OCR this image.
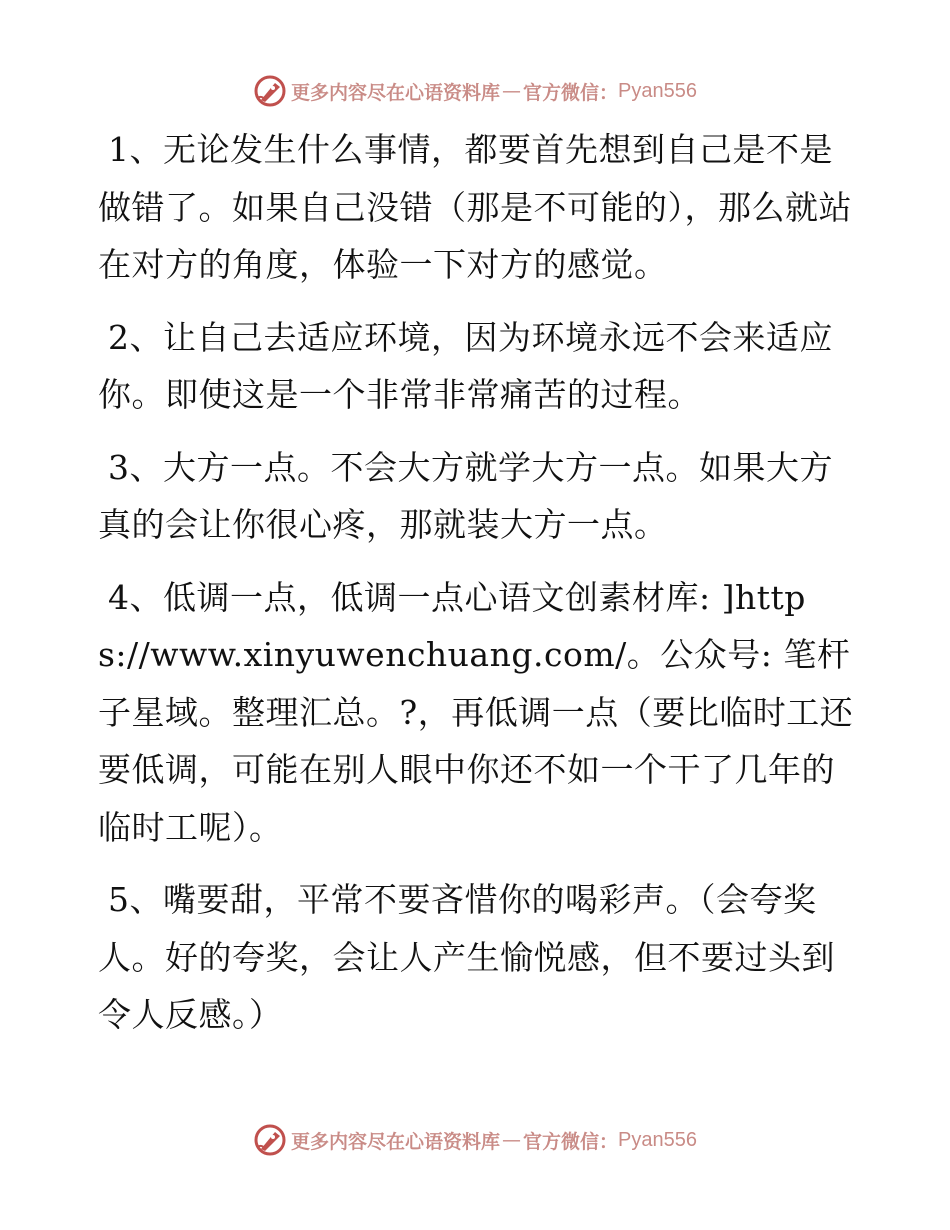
更多内容尽在心语资料库 — 官方微信： Pyan556

1、无论发生什么事情，都要首先想到自己是不是做错了。如果自己没错（那是不可能的），那么就站在对方的角度，体验一下对方的感觉。

2、让自己去适应环境，因为环境永远不会来适应你。即使这是一个非常非常痛苦的过程。

3、大方一点。不会大方就学大方一点。如果大方真的会让你很心疼，那就装大方一点。

4、低调一点，低调一点心语文创素材库: ]https://www.xinyuwenchuang.com/。公众号: 笔杆子星域。整理汇总。?，再低调一点（要比临时工还要低调，可能在别人眼中你还不如一个干了几年的临时工呢）。

5、嘴要甜，平常不要吝惜你的喝彩声。（会夸奖人。好的夸奖，会让人产生愉悦感，但不要过头到令人反感。）

更多内容尽在心语资料库 — 官方微信： Pyan556
